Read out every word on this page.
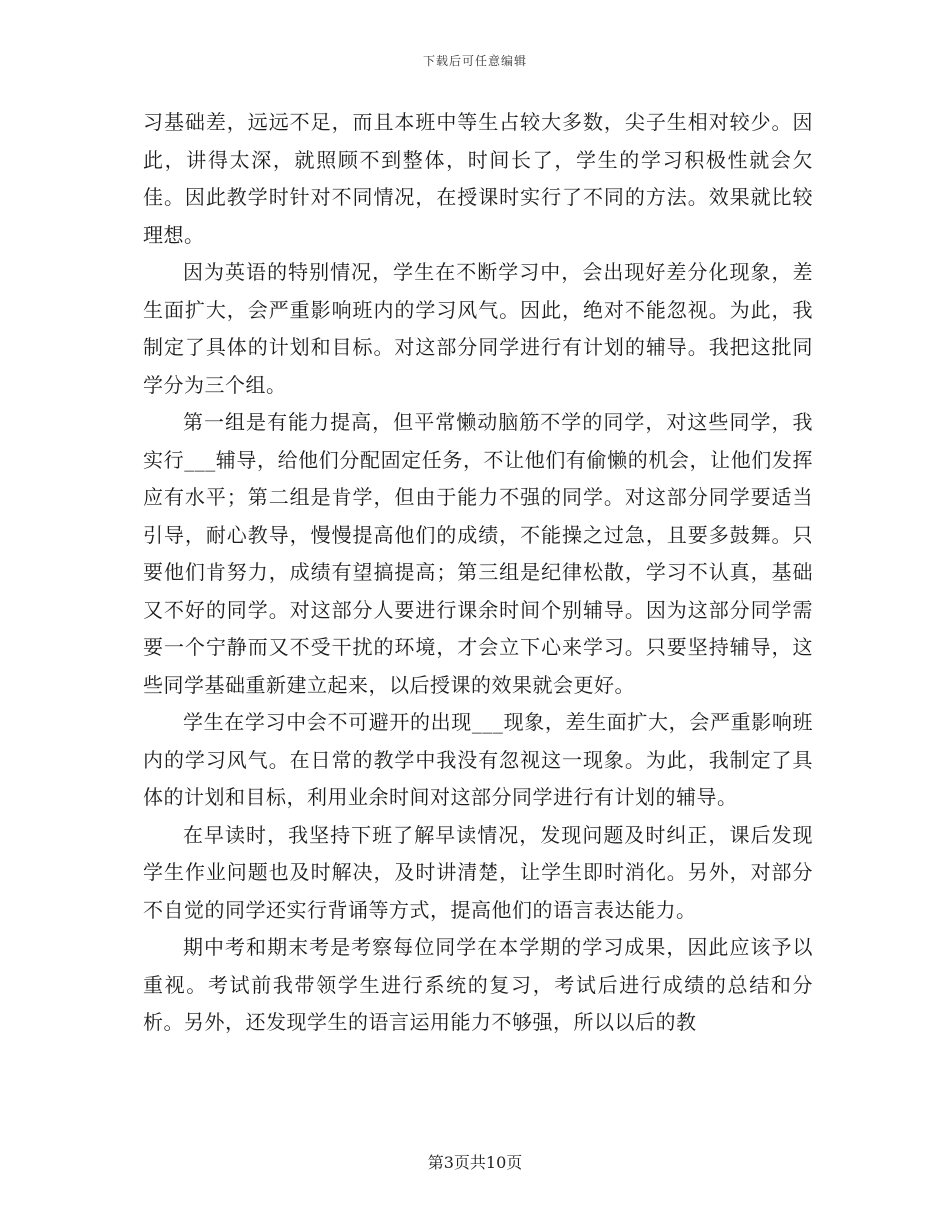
下载后可任意编辑

习基础差，远远不足，而且本班中等生占较大多数，尖子生相对较少。因此，讲得太深，就照顾不到整体，时间长了，学生的学习积极性就会欠佳。因此教学时针对不同情况，在授课时实行了不同的方法。效果就比较理想。

因为英语的特别情况，学生在不断学习中，会出现好差分化现象，差生面扩大，会严重影响班内的学习风气。因此，绝对不能忽视。为此，我制定了具体的计划和目标。对这部分同学进行有计划的辅导。我把这批同学分为三个组。

第一组是有能力提高，但平常懒动脑筋不学的同学，对这些同学，我实行___辅导，给他们分配固定任务，不让他们有偷懒的机会，让他们发挥应有水平；第二组是肯学，但由于能力不强的同学。对这部分同学要适当引导，耐心教导，慢慢提高他们的成绩，不能操之过急，且要多鼓舞。只要他们肯努力，成绩有望搞提高；第三组是纪律松散，学习不认真，基础又不好的同学。对这部分人要进行课余时间个别辅导。因为这部分同学需要一个宁静而又不受干扰的环境，才会立下心来学习。只要坚持辅导，这些同学基础重新建立起来，以后授课的效果就会更好。

学生在学习中会不可避开的出现___现象，差生面扩大，会严重影响班内的学习风气。在日常的教学中我没有忽视这一现象。为此，我制定了具体的计划和目标，利用业余时间对这部分同学进行有计划的辅导。

在早读时，我坚持下班了解早读情况，发现问题及时纠正，课后发现学生作业问题也及时解决，及时讲清楚，让学生即时消化。另外，对部分不自觉的同学还实行背诵等方式，提高他们的语言表达能力。

期中考和期末考是考察每位同学在本学期的学习成果，因此应该予以重视。考试前我带领学生进行系统的复习，考试后进行成绩的总结和分析。另外，还发现学生的语言运用能力不够强，所以以后的教

第3页共10页
